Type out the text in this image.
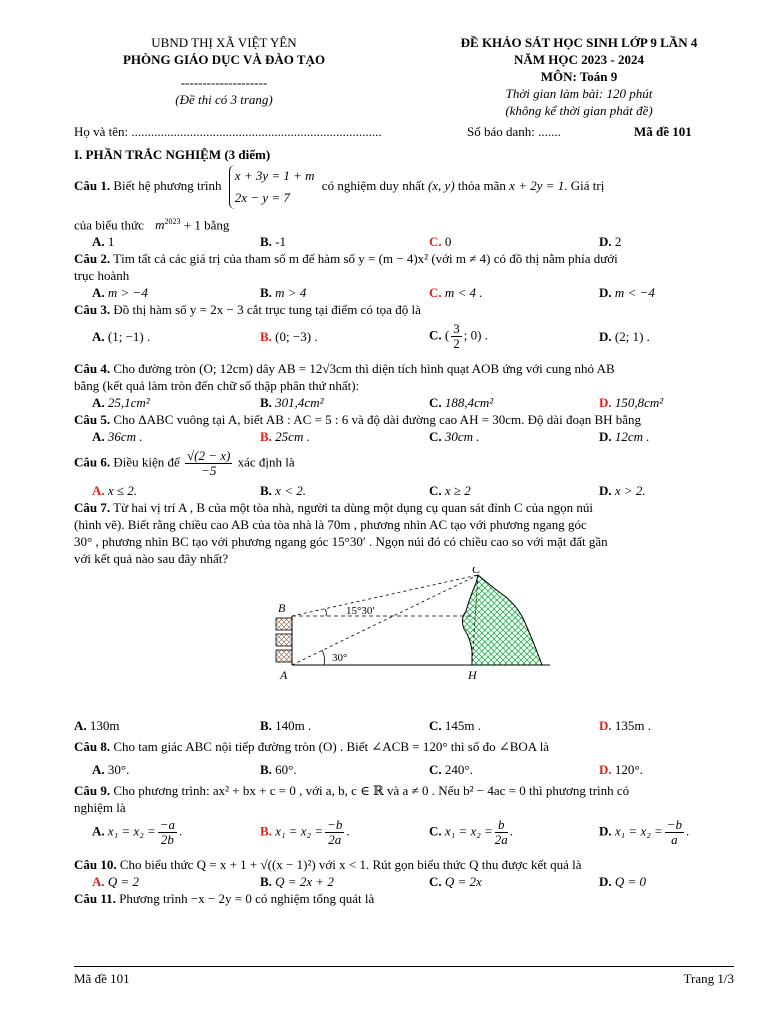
UBND THỊ XÃ VIỆT YÊN
PHÒNG GIÁO DỤC VÀ ĐÀO TẠO
--------------------
(Đề thi có 3 trang)
ĐỀ KHẢO SÁT HỌC SINH LỚP 9 LẦN 4
NĂM HỌC 2023 - 2024
MÔN: Toán 9
Thời gian làm bài: 120 phút
(không kể thời gian phát đề)
Họ và tên: .............................................................................	Số báo danh: .......	Mã đề 101
I. PHẦN TRẮC NGHIỆM (3 điểm)
Câu 1. Biết hệ phương trình
x + 3y = 1 + m
2x − y = 7
có nghiệm duy nhất (x, y) thỏa mãn x + 2y = 1. Giá trị
của biểu thức $m^{2023} + 1$ bằng
A. 1	B. -1	C. 0	D. 2
Câu 2. Tìm tất cả các giá trị của tham số m để hàm số y = (m − 4)x² (với m ≠ 4) có đồ thị nằm phía dưới
trục hoành
A. m > −4	B. m > 4	C. m < 4 .	D. m < −4
Câu 3. Đồ thị hàm số y = 2x − 3 cắt trục tung tại điểm có tọa độ là
A. (1; −1) .	B. (0; −3) .	C. ( $\frac{3}{2}$ ; 0) .	D. (2; 1) .
Câu 4. Cho đường tròn (O; 12cm) dây AB = 12√3cm thì diện tích hình quạt AOB ứng với cung nhỏ AB
bằng (kết quả làm tròn đến chữ số thập phân thứ nhất):
A. 25,1cm²	B. 301,4cm²	C. 188,4cm²	D. 150,8cm²
Câu 5. Cho ΔABC vuông tại A, biết AB : AC = 5 : 6 và độ dài đường cao AH = 30cm. Độ dài đoạn BH bằng
A. 36cm .	B. 25cm .	C. 30cm .	D. 12cm .
Câu 6. Điều kiện để $\frac{√(2 - x)}{-5}$ xác định là
A. x ≤ 2.	B. x < 2.	C. x ≥ 2	D. x > 2.
Câu 7. Từ hai vị trí A , B của một tòa nhà, người ta dùng một dụng cụ quan sát đỉnh C của ngọn núi
(hình vẽ). Biết rằng chiều cao AB của tòa nhà là 70m , phương nhìn AC tạo với phương ngang góc
30° , phương nhìn BC tạo với phương ngang góc 15°30′ . Ngọn núi đó có chiều cao so với mặt đất gần
với kết quả nào sau đây nhất?
B
A
C
H
15°30′
30°
A. 130m	B. 140m .	C. 145m .	D. 135m .
Câu 8. Cho tam giác ABC nội tiếp đường tròn (O) . Biết ∠ACB = 120° thì số đo ∠BOA là
A. 30°.	B. 60°.	C. 240°.	D. 120°.
Câu 9. Cho phương trình: ax² + bx + c = 0 , với a, b, c ∈ ℝ và a ≠ 0 . Nếu b² − 4ac = 0 thì phương trình có
nghiệm là
A. $x_1 = x_2 = \frac{-a}{2b}$ .	B. $x_1 = x_2 = \frac{-b}{2a}$ .	C. $x_1 = x_2 = \frac{b}{2a}$ .	D. $x_1 = x_2 = \frac{-b}{a}$ .
Câu 10. Cho biểu thức Q = x + 1 + √((x − 1)²) với x < 1. Rút gọn biểu thức Q thu được kết quả là
A. Q = 2	B. Q = 2x + 2	C. Q = 2x	D. Q = 0
Câu 11. Phương trình −x − 2y = 0 có nghiệm tổng quát là
Mã đề 101	Trang 1/3
